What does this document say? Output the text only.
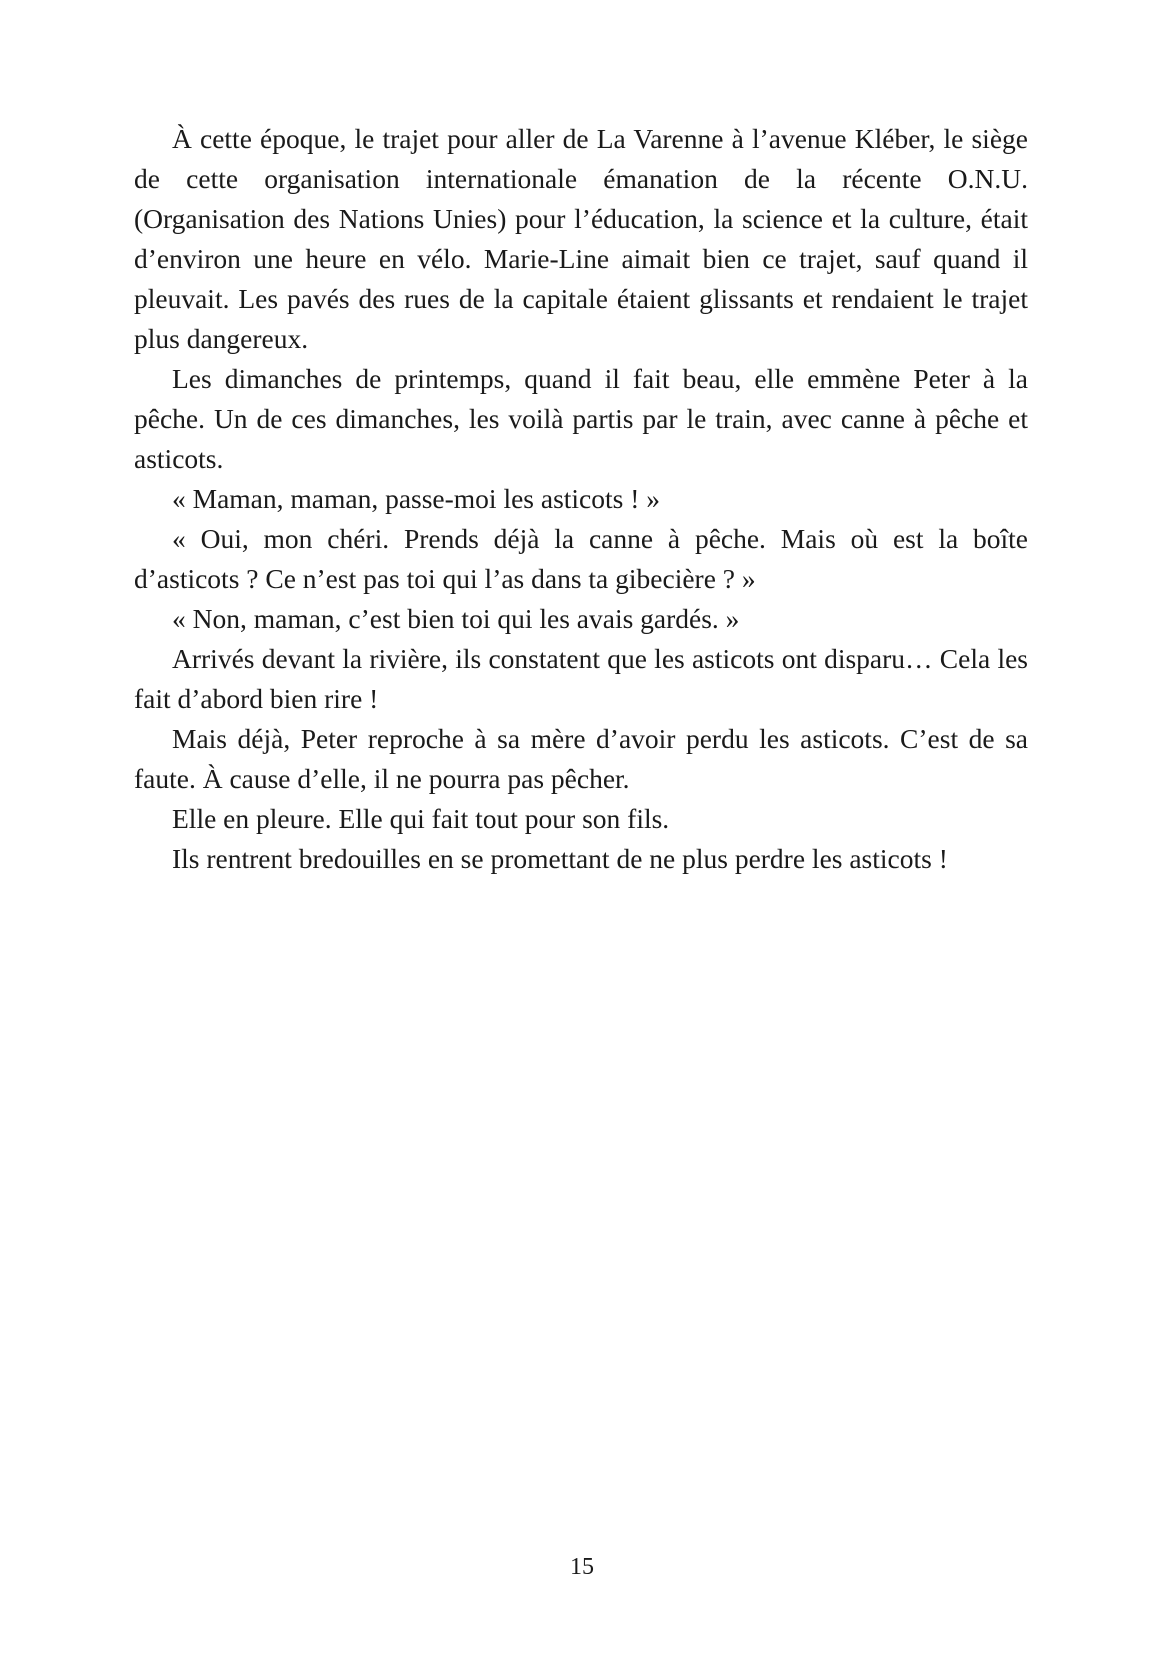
À cette époque, le trajet pour aller de La Varenne à l’avenue Kléber, le siège de cette organisation internationale émanation de la récente O.N.U. (Organisation des Nations Unies) pour l’éducation, la science et la culture, était d’environ une heure en vélo. Marie-Line aimait bien ce trajet, sauf quand il pleuvait. Les pavés des rues de la capitale étaient glissants et rendaient le trajet plus dangereux.

Les dimanches de printemps, quand il fait beau, elle emmène Peter à la pêche. Un de ces dimanches, les voilà partis par le train, avec canne à pêche et asticots.

« Maman, maman, passe-moi les asticots ! »

« Oui, mon chéri. Prends déjà la canne à pêche. Mais où est la boîte d’asticots ? Ce n’est pas toi qui l’as dans ta gibecière ? »

« Non, maman, c’est bien toi qui les avais gardés. »

Arrivés devant la rivière, ils constatent que les asticots ont disparu… Cela les fait d’abord bien rire !

Mais déjà, Peter reproche à sa mère d’avoir perdu les asticots. C’est de sa faute. À cause d’elle, il ne pourra pas pêcher.

Elle en pleure. Elle qui fait tout pour son fils.

Ils rentrent bredouilles en se promettant de ne plus perdre les asticots !

15
